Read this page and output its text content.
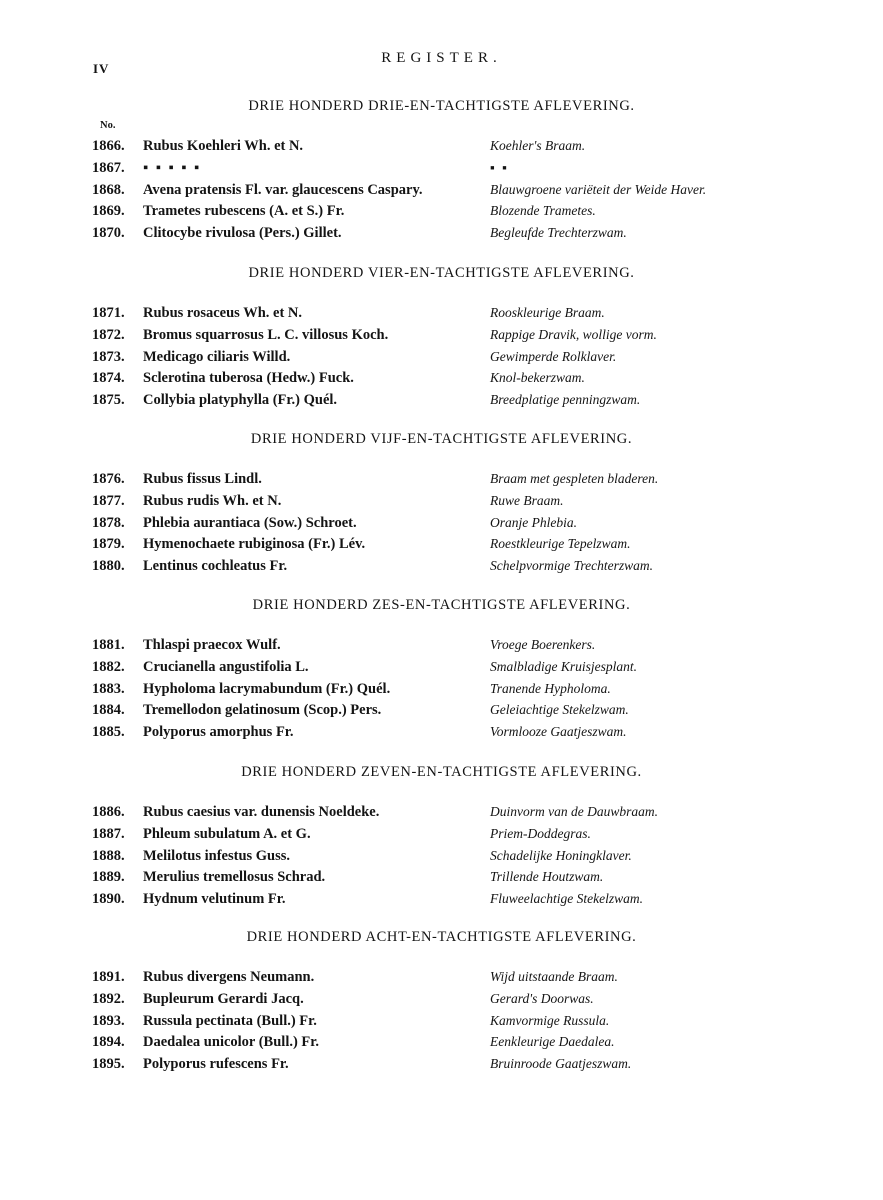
IV
REGISTER.
DRIE HONDERD DRIE-EN-TACHTIGSTE AFLEVERING.
No.
1866. Rubus Koehleri Wh. et N.	Koehler's Braam.
1867. ▪ ▪ ▪ ▪ ▪	▪ ▪
1868. Avena pratensis Fl. var. glaucescens Caspary.	Blauwgroene variëteit der Weide Haver.
1869. Trametes rubescens (A. et S.) Fr.	Blozende Trametes.
1870. Clitocybe rivulosa (Pers.) Gillet.	Begleufde Trechterzwam.
DRIE HONDERD VIER-EN-TACHTIGSTE AFLEVERING.
1871. Rubus rosaceus Wh. et N.	Rooskleurige Braam.
1872. Bromus squarrosus L. C. villosus Koch.	Rappige Dravik, wollige vorm.
1873. Medicago ciliaris Willd.	Gewimperde Rolklaver.
1874. Sclerotina tuberosa (Hedw.) Fuck.	Knol-bekerzwam.
1875. Collybia platyphylla (Fr.) Quél.	Breedplatige penningzwam.
DRIE HONDERD VIJF-EN-TACHTIGSTE AFLEVERING.
1876. Rubus fissus Lindl.	Braam met gespleten bladeren.
1877. Rubus rudis Wh. et N.	Ruwe Braam.
1878. Phlebia aurantiaca (Sow.) Schroet.	Oranje Phlebia.
1879. Hymenochaete rubiginosa (Fr.) Lév.	Roestkleurige Tepelzwam.
1880. Lentinus cochleatus Fr.	Schelpvormige Trechterzwam.
DRIE HONDERD ZES-EN-TACHTIGSTE AFLEVERING.
1881. Thlaspi praecox Wulf.	Vroege Boerenkers.
1882. Crucianella angustifolia L.	Smalbladige Kruisjesplant.
1883. Hypholoma lacrymabundum (Fr.) Quél.	Tranende Hypholoma.
1884. Tremellodon gelatinosum (Scop.) Pers.	Geleiachtige Stekelzwam.
1885. Polyporus amorphus Fr.	Vormlooze Gaatjeszwam.
DRIE HONDERD ZEVEN-EN-TACHTIGSTE AFLEVERING.
1886. Rubus caesius var. dunensis Noeldeke.	Duinvorm van de Dauwbraam.
1887. Phleum subulatum A. et G.	Priem-Doddegras.
1888. Melilotus infestus Guss.	Schadelijke Honingklaver.
1889. Merulius tremellosus Schrad.	Trillende Houtzwam.
1890. Hydnum velutinum Fr.	Fluweelachtige Stekelzwam.
DRIE HONDERD ACHT-EN-TACHTIGSTE AFLEVERING.
1891. Rubus divergens Neumann.	Wijd uitstaande Braam.
1892. Bupleurum Gerardi Jacq.	Gerard's Doorwas.
1893. Russula pectinata (Bull.) Fr.	Kamvormige Russula.
1894. Daedalea unicolor (Bull.) Fr.	Eenkleurige Daedalea.
1895. Polyporus rufescens Fr.	Bruinroode Gaatjeszwam.
